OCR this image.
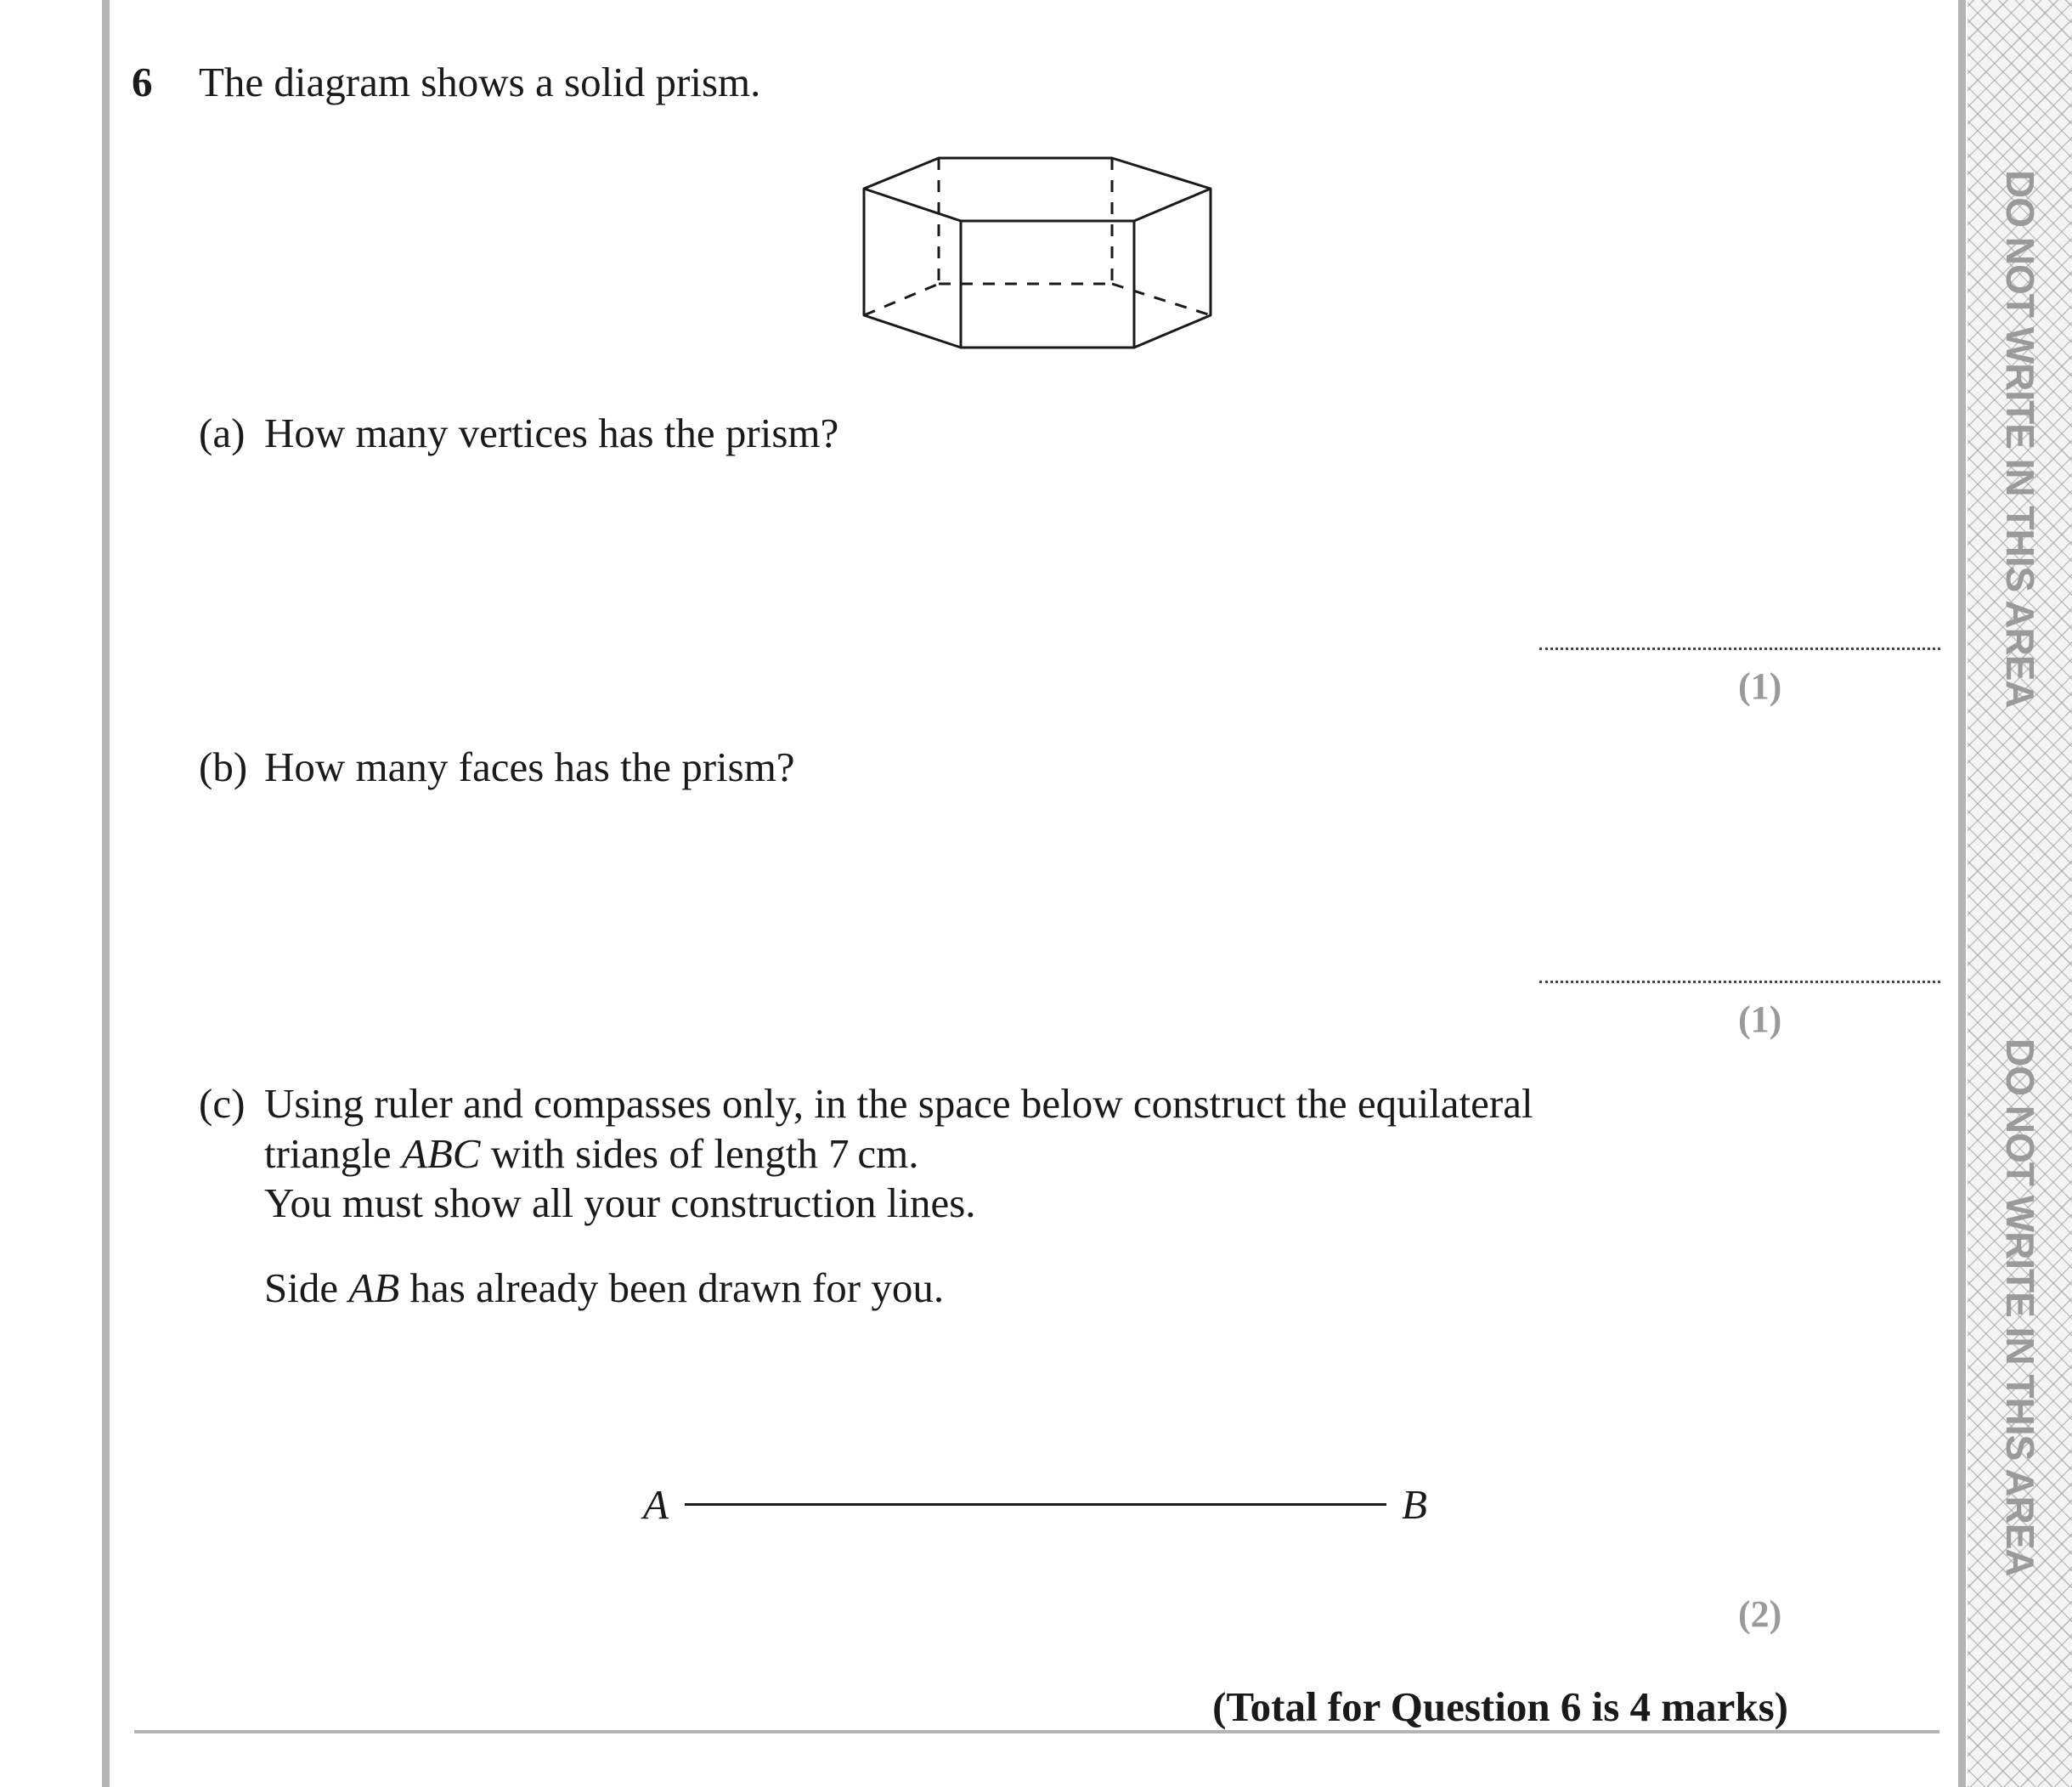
DO NOT WRITE IN THIS AREA
DO NOT WRITE IN THIS AREA
6 The diagram shows a solid prism.
(a) How many vertices has the prism?
(1)
(b) How many faces has the prism?
(1)
(c) Using ruler and compasses only, in the space below construct the equilateral
triangle ABC with sides of length 7 cm.
You must show all your construction lines.
Side AB has already been drawn for you.
A	B
(2)
(Total for Question 6 is 4 marks)
